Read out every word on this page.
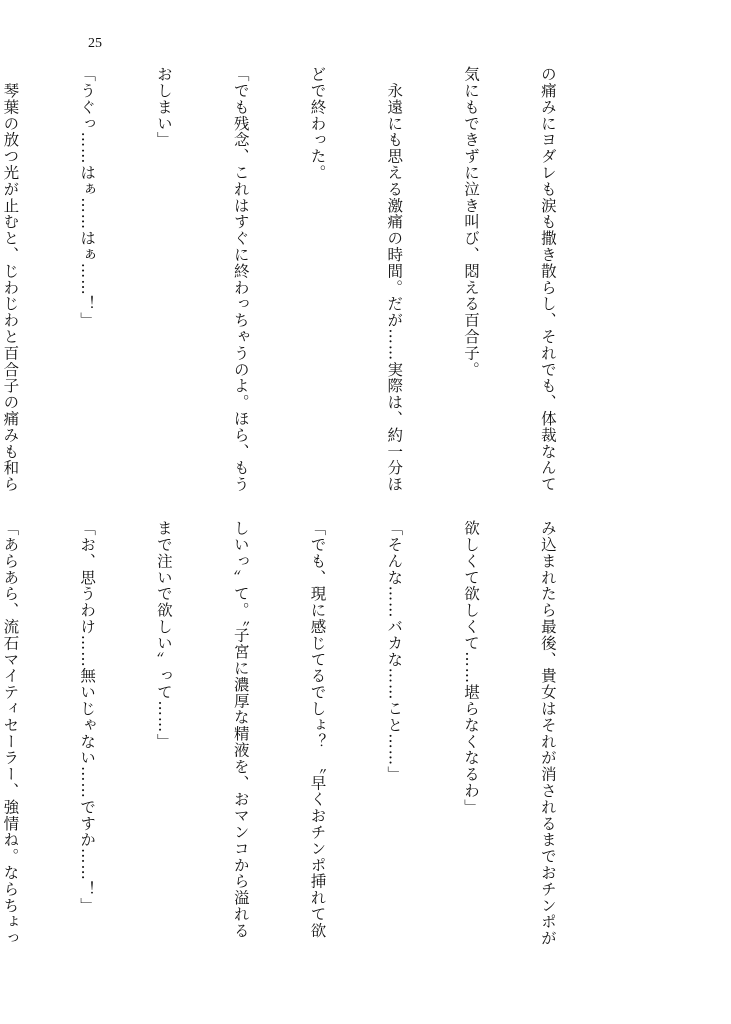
25

の痛みにヨダレも涙も撒き散らし、それでも、体裁なんて

気にもできずに泣き叫び、悶える百合子。

　永遠にも思える激痛の時間。だが……実際は、約一分ほ

どで終わった。

「でも残念、これはすぐに終わっちゃうのよ。ほら、もう

おしまい」

「うぐっ……はぁ……はぁ……！」

　琴葉の放つ光が止むと、じわじわと百合子の痛みも和ら

み込まれたら最後、貴女はそれが消されるまでおチンポが

欲しくて欲しくて……堪らなくなるわ」

「そんな……バカな……こと……」

「でも、現に感じてるでしょ？　〝早くおチンポ挿れて欲

しいっ〟て。〝子宮に濃厚な精液を、おマンコから溢れる

まで注いで欲しい〟って……」

「お、思うわけ……無いじゃない……ですか……！」

「あらあら、流石マイティセーラー、強情ね。ならちょっ
